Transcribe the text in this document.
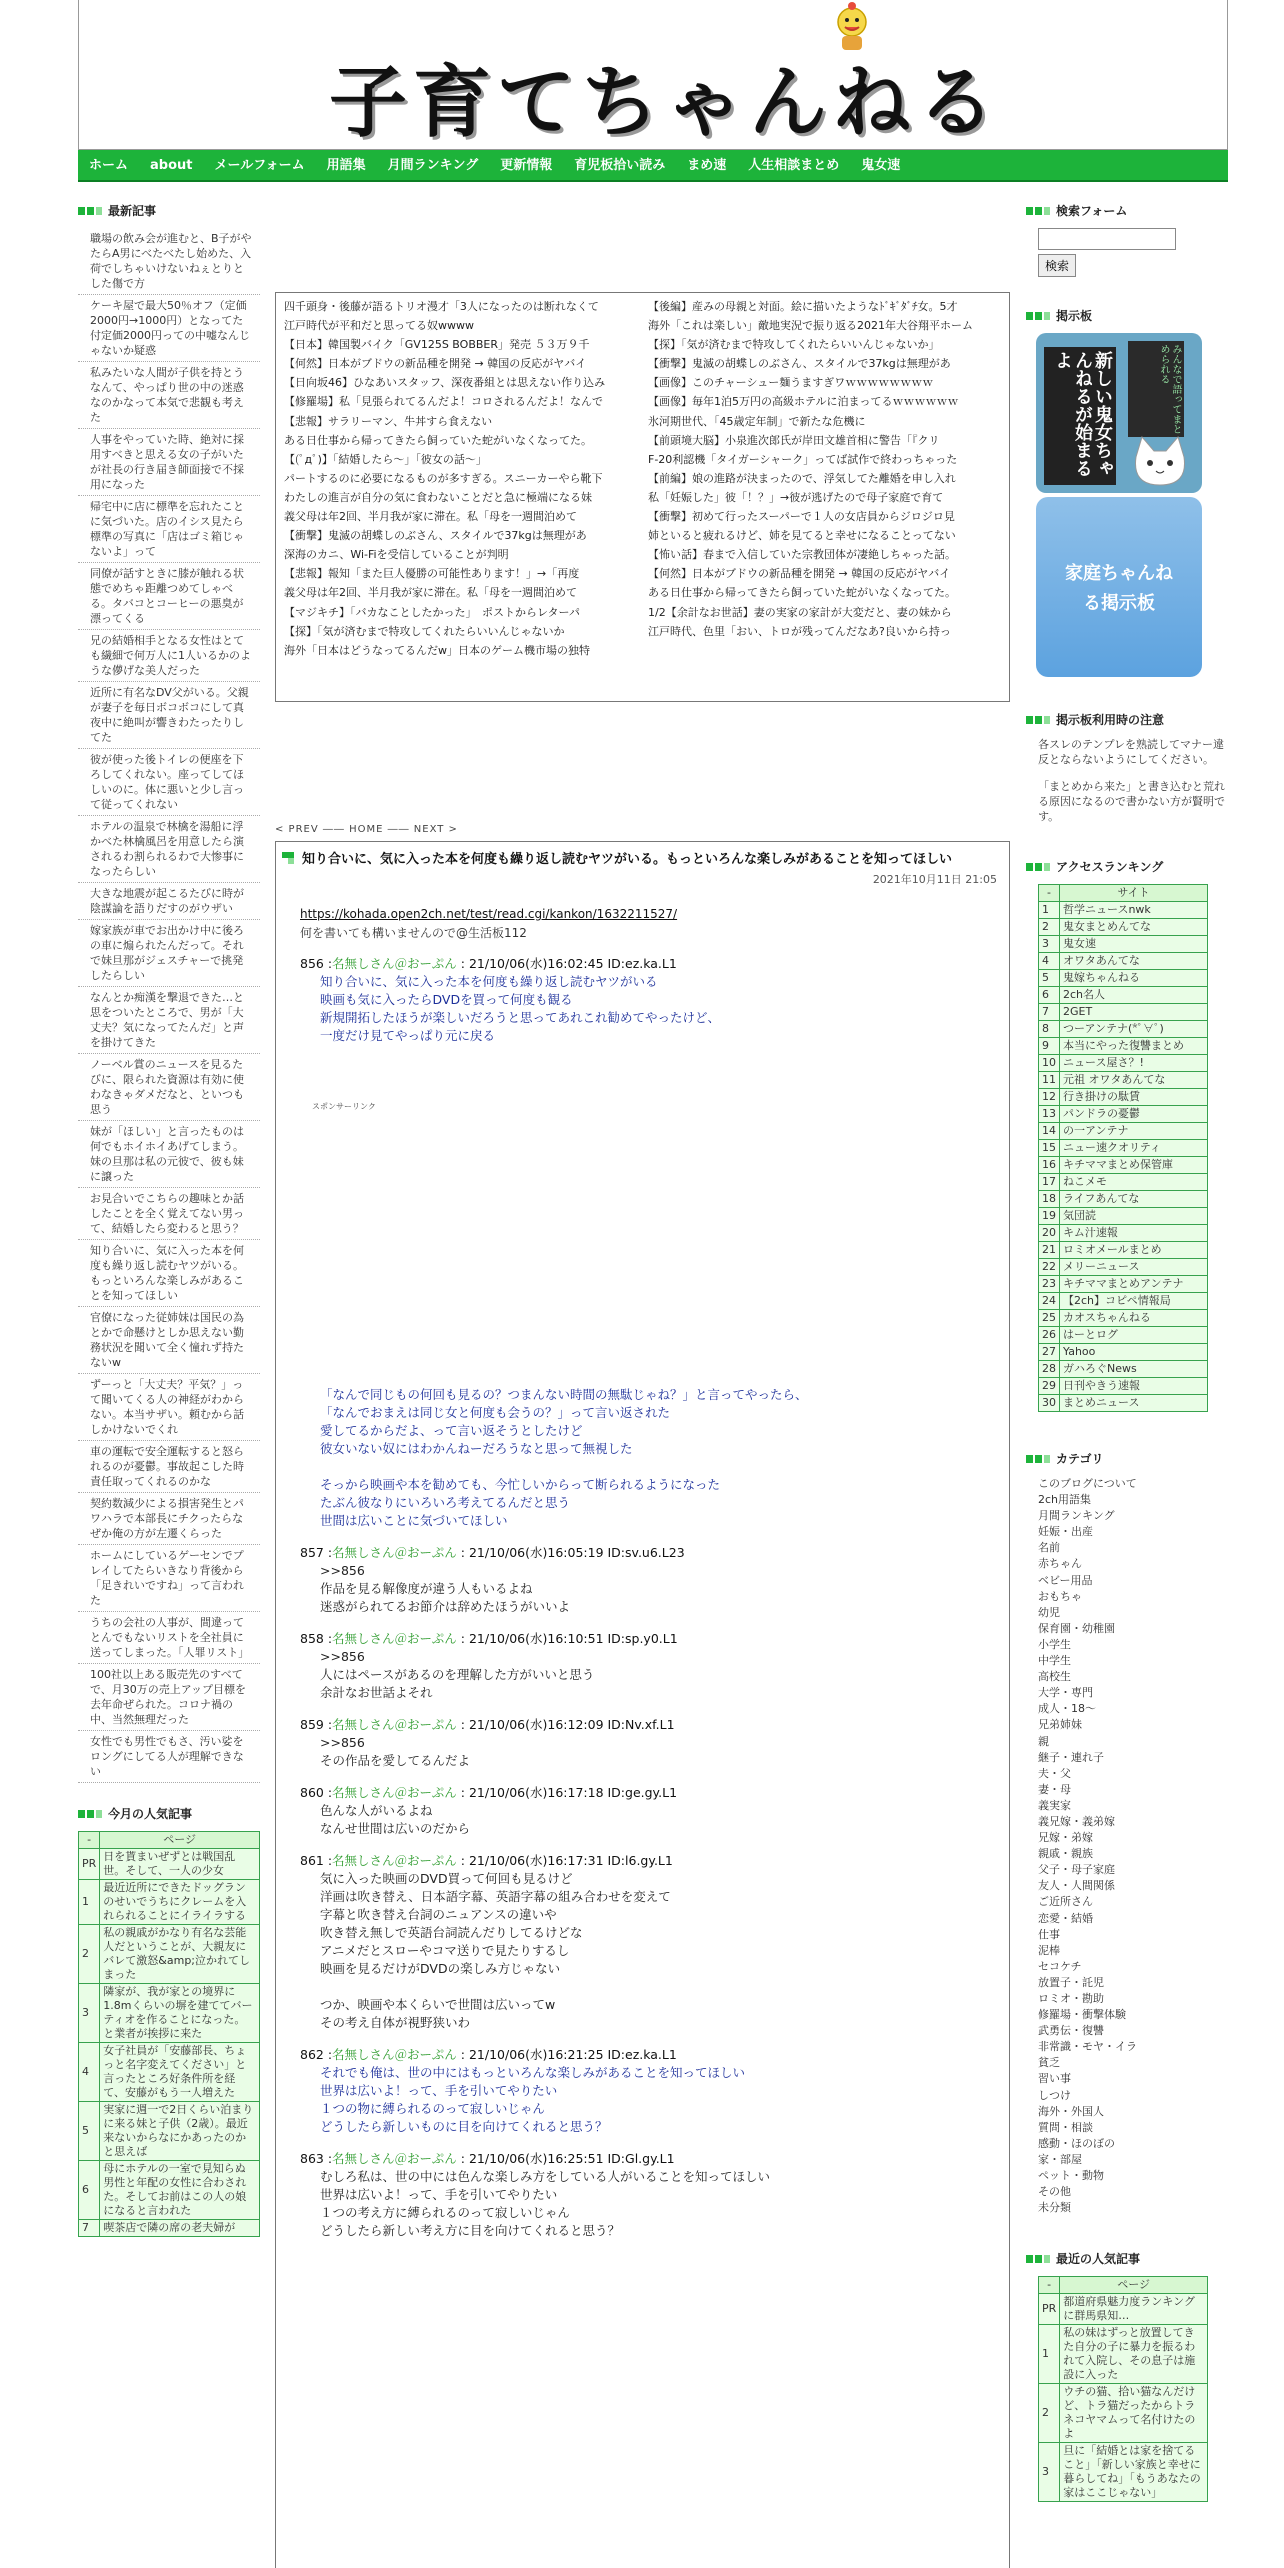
子育てちゃんねる
ホーム about メールフォーム 用語集 月間ランキング 更新情報 育児板拾い読み まめ速 人生相談まとめ 鬼女速
最新記事
職場の飲み会が進むと、B子がやたらA男にべたべたし始めた、入荷でしちゃいけないねぇとりとした傷で方
ケーキ屋で最大50％オフ（定価2000円→1000円）となってた付定価2000円っての中嘘なんじゃないか疑惑
私みたいな人間が子供を持とうなんて、やっぱり世の中の迷惑なのかなって本気で悲観も考えた
人事をやっていた時、絶対に採用すべきと思える女の子がいたが社長の行き届き師面接で不採用になった
帰宅中に店に標準を忘れたことに気づいた。店のイシス見たら標準の写真に「店はゴミ箱じゃないよ」って
同僚が話すときに膝が触れる状態でめちゃ距離つめてしゃべる。タバコとコーヒーの悪臭が漂ってくる
兄の結婚相手となる女性はとても繊細で何万人に1人いるかのような儚げな美人だった
近所に有名なDV父がいる。父親が妻子を毎日ボコボコにして真夜中に絶叫が響きわたったりしてた
彼が使った後トイレの便座を下ろしてくれない。座ってしてほしいのに。体に悪いと少し言って従ってくれない
ホテルの温泉で林檎を湯船に浮かべた林檎風呂を用意したら演されるわ割られるわで大惨事になったらしい
大きな地震が起こるたびに時が陰謀論を語りだすのがウザい
嫁家族が車でお出かけ中に後ろの車に煽られたんだって。それで妹旦那がジェスチャーで挑発したらしい
なんとか痴漢を撃退できた…と思をついたところで、男が「大丈夫？気になってたんだ」と声を掛けてきた
ノーベル賞のニュースを見るたびに、限られた資源は有効に使わなきゃダメだなと、といつも思う
妹が「ほしい」と言ったものは何でもホイホイあげてしまう。妹の旦那は私の元彼で、彼も妹に譲った
お見合いでこちらの趣味とか話したことを全く覚えてない男って、結婚したら変わると思う？
知り合いに、気に入った本を何度も繰り返し読むヤツがいる。もっといろんな楽しみがあることを知ってほしい
官僚になった従姉妹は国民の為とかで命懸けとしか思えない勤務状況を聞いて全く憧れず持たないw
ずーっと「大丈夫？平気？」って聞いてくる人の神経がわからない。本当サザい。頼むから話しかけないでくれ
車の運転で安全運転すると怒られるのが憂鬱。事故起こした時責任取ってくれるのかな
契約数減少による損害発生とパワハラで本部長にチクったらなぜか俺の方が左遷くらった
ホームにしているゲーセンでプレイしてたらいきなり背後から「足きれいですね」って言われた
うちの会社の人事が、間違ってとんでもないリストを全社員に送ってしまった。「人罪リスト」
100社以上ある販売先のすべてで、月30万の売上アップ目標を去年命ぜられた。コロナ禍の中、当然無理だった
女性でも男性でもさ、汚い娑をロングにしてる人が理解できない
今月の人気記事
-	ページ
PR	日を貰まいぜずとは戦国乱世。そして、一人の少女
1	最近近所にできたドッグランのせいでうちにクレームを入れられることにイライラする
2	私の親戚がかなり有名な芸能人だということが、大親友にバレて激怒&amp;泣かれてしまった
3	隣家が、我が家との境界に1.8mくらいの塀を建ててバーティオを作ることになった。と業者が挨拶に来た
4	女子社員が「安藤部長、ちょっと名字変えてください」と言ったところ好条件所を経て、安藤がもう一人増えた
5	実家に週一で2日くらい泊まりに来る妹と子供（2歳）。最近来ないからなにかあったのかと思えば
6	母にホテルの一室で見知らぬ男性と年配の女性に合わされた。そしてお前はこの人の娘になると言われた
7	喫茶店で隣の席の老夫婦が
四千頭身・後藤が語るトリオ漫才「3人になったのは断れなくて
江戸時代が平和だと思ってる奴wwww
【日本】韓国製バイク「GV125S BOBBER」発売 ５３万９千
【何然】日本がブドウの新品種を開発 → 韓国の反応がヤバイ
【日向坂46】ひなあいスタッフ、深夜番組とは思えない作り込み
【修羅場】私「見張られてるんだよ！コロされるんだよ！なんで
【悲報】サラリーマン、牛丼すら食えない
ある日仕事から帰ってきたら飼っていた蛇がいなくなってた。
【(ﾟдﾟ)】「結婚したら～」「彼女の話～」
パートするのに必要になるものが多すぎる。スニーカーやら靴下
わたしの進言が自分の気に食わないことだと急に極端になる妹
義父母は年2回、半月我が家に滞在。私「母を一週間泊めて
【衝撃】鬼滅の胡蝶しのぶさん、スタイルで37kgは無理があ
深海のカニ、Wi-Fiを受信していることが判明
【悲報】報知「また巨人優勝の可能性あります！」→「再度
義父母は年2回、半月我が家に滞在。私「母を一週間泊めて
【マジキチ】「バカなことしたかった」　ポストからレターパ
【探】「気が済むまで特攻してくれたらいいんじゃないか
海外「日本はどうなってるんだw」日本のゲーム機市場の独特
【後編】産みの母親と対面。絵に描いたようなﾄﾞｷﾞﾀﾞﾁ女。5才
海外「これは楽しい」敵地実況で振り返る2021年大谷翔平ホーム
【探】「気が済むまで特攻してくれたらいいんじゃないか」
【衝撃】鬼滅の胡蝶しのぶさん、スタイルで37kgは無理があ
【画像】このチャーシュー麺うますぎワｗｗｗｗｗｗｗｗ
【画像】毎年1泊5万円の高級ホテルに泊まってるｗｗｗｗｗｗ
氷河期世代、「45歳定年制」で新たな危機に
【前頭境大脳】小泉進次郎氏が岸田文雄首相に警告「『クリ
F-20利認機「タイガーシャーク」ってば試作で終わっちゃった
【前編】娘の進路が決まったので、浮気してた離婚を申し入れ
私「妊娠した」彼「！？」→彼が逃げたので母子家庭で育て
【衝撃】初めて行ったスーパーで１人の女店員からジロジロ見
姉といると疲れるけど、姉を見てると幸せになることってない
【怖い話】春まで入信していた宗教団体が凄絶しちゃった話。
【何然】日本がブドウの新品種を開発 → 韓国の反応がヤバイ
ある日仕事から帰ってきたら飼っていた蛇がいなくなってた。
1/2【余計なお世話】妻の実家の家計が大変だと、妻の妹から
江戸時代、色里「おい、トロが残ってんだなあ?良いから持っ
< PREV ―― HOME ―― NEXT >
知り合いに、気に入った本を何度も繰り返し読むヤツがいる。もっといろんな楽しみがあることを知ってほしい
2021年10月11日 21:05
https://kohada.open2ch.net/test/read.cgi/kankon/1632211527/
何を書いても構いませんので@生活板112
856 :名無しさん＠おーぷん : 21/10/06(水)16:02:45 ID:ez.ka.L1
知り合いに、気に入った本を何度も繰り返し読むヤツがいる
映画も気に入ったらDVDを買って何度も観る
新規開拓したほうが楽しいだろうと思ってあれこれ勧めてやったけど、
一度だけ見てやっぱり元に戻る
スポンサーリンク
「なんで同じもの何回も見るの？つまんない時間の無駄じゃね？」と言ってやったら、
「なんでおまえは同じ女と何度も会うの？」って言い返された
愛してるからだよ、って言い返そうとしたけど
彼女いない奴にはわかんねーだろうなと思って無視した

そっから映画や本を勧めても、今忙しいからって断られるようになった
たぶん彼なりにいろいろ考えてるんだと思う
世間は広いことに気づいてほしい
857 :名無しさん＠おーぷん : 21/10/06(水)16:05:19 ID:sv.u6.L23
>>856
作品を見る解像度が違う人もいるよね
迷惑がられてるお節介は辞めたほうがいいよ
858 :名無しさん＠おーぷん : 21/10/06(水)16:10:51 ID:sp.y0.L1
>>856
人にはペースがあるのを理解した方がいいと思う
余計なお世話よそれ
859 :名無しさん＠おーぷん : 21/10/06(水)16:12:09 ID:Nv.xf.L1
>>856
その作品を愛してるんだよ
860 :名無しさん＠おーぷん : 21/10/06(水)16:17:18 ID:ge.gy.L1
色んな人がいるよね
なんせ世間は広いのだから
861 :名無しさん＠おーぷん : 21/10/06(水)16:17:31 ID:l6.gy.L1
気に入った映画のDVD買って何回も見るけど
洋画は吹き替え、日本語字幕、英語字幕の組み合わせを変えて
字幕と吹き替え台詞のニュアンスの違いや
吹き替え無しで英語台詞読んだりしてるけどな
アニメだとスローやコマ送りで見たりするし
映画を見るだけがDVDの楽しみ方じゃない

つか、映画や本くらいで世間は広いってw
その考え自体が視野狭いわ
862 :名無しさん＠おーぷん : 21/10/06(水)16:21:25 ID:ez.ka.L1
それでも俺は、世の中にはもっといろんな楽しみがあることを知ってほしい
世界は広いよ！って、手を引いてやりたい
１つの物に縛られるのって寂しいじゃん
どうしたら新しいものに目を向けてくれると思う？
863 :名無しさん＠おーぷん : 21/10/06(水)16:25:51 ID:Gl.gy.L1
むしろ私は、世の中には色んな楽しみ方をしている人がいることを知ってほしい
世界は広いよ！って、手を引いてやりたい
１つの考え方に縛られるのって寂しいじゃん
どうしたら新しい考え方に目を向けてくれると思う？
検索フォーム
検索
掲示板
新しい鬼女ちゃんねるが始まるよ	みんなで語ってまとめられる
家庭ちゃんねる掲示板
掲示板利用時の注意

各スレのテンプレを熟読してマナー違反とならないようにしてください。

「まとめから来た」と書き込むと荒れる原因になるので書かない方が賢明です。

アクセスランキング
-	サイト
1	哲学ニュースnwk
2	鬼女まとめんてな
3	鬼女速
4	オワタあんてな
5	鬼嫁ちゃんねる
6	2ch名人
7	2GET
8	つーアンテナ(*ﾟ∀ﾟ)
9	本当にやった復讐まとめ
10	ニュース屋さ？!
11	元祖 オワタあんてな
12	行き掛けの駄賃
13	パンドラの憂鬱
14	の一アンテナ
15	ニュー速クオリティ
16	キチママまとめ保管庫
17	ねこメモ
18	ライフあんてな
19	気団読
20	キム汁速報
21	ロミオメールまとめ
22	メリーニュース
23	キチママまとめアンテナ
24	【2ch】コピペ情報局
25	カオスちゃんねる
26	はーとログ
27	Yahoo
28	ガハろぐNews
29	日刊やきう速報
30	まとめニュース
カテゴリ
このブログについて
2ch用語集
月間ランキング
妊娠・出産
名前
赤ちゃん
ベビー用品
おもちゃ
幼児
保育園・幼稚園
小学生
中学生
高校生
大学・専門
成人・18～
兄弟姉妹
親
継子・連れ子
夫・父
妻・母
義実家
義兄嫁・義弟嫁
兄嫁・弟嫁
親戚・親族
父子・母子家庭
友人・人間関係
ご近所さん
恋愛・結婚
仕事
泥棒
セコケチ
放置子・託児
ロミオ・勘助
修羅場・衝撃体験
武勇伝・復讐
非常識・モヤ・イラ
貧乏
習い事
しつけ
海外・外国人
質問・相談
感動・ほのぼの
家・部屋
ペット・動物
その他
未分類
最近の人気記事
-	ページ
PR	都道府県魅力度ランキングに群馬県知…
1	私の妹はずっと放置してきた自分の子に暴力を振るわれて入院し、その息子は施設に入った
2	ウチの猫、拾い猫なんだけど、トラ猫だったからトラネコヤマムって名付けたのよ
3	旦に「結婚とは家を捨てること」「新しい家族と幸せに暮らしてね」「もうあなたの家はここじゃない」
